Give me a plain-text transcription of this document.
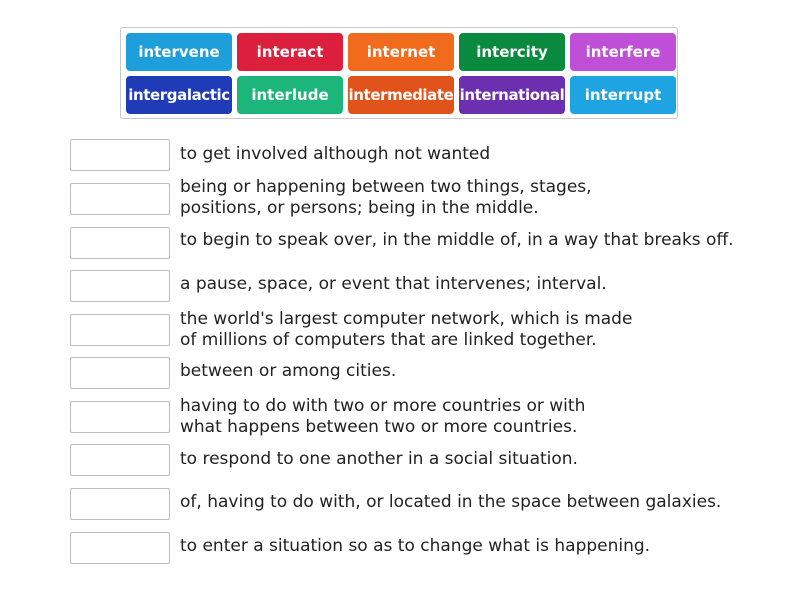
intervene	interact	internet	intercity	interfere
intergalactic	interlude	intermediate international	interrupt
to get involved although not wanted
being or happening between two things, stages,
positions, or persons; being in the middle.
to begin to speak over, in the middle of, in a way that breaks off.
a pause, space, or event that intervenes; interval.
the world's largest computer network, which is made
of millions of computers that are linked together.
between or among cities.
having to do with two or more countries or with
what happens between two or more countries.
to respond to one another in a social situation.
of, having to do with, or located in the space between galaxies.
to enter a situation so as to change what is happening.
